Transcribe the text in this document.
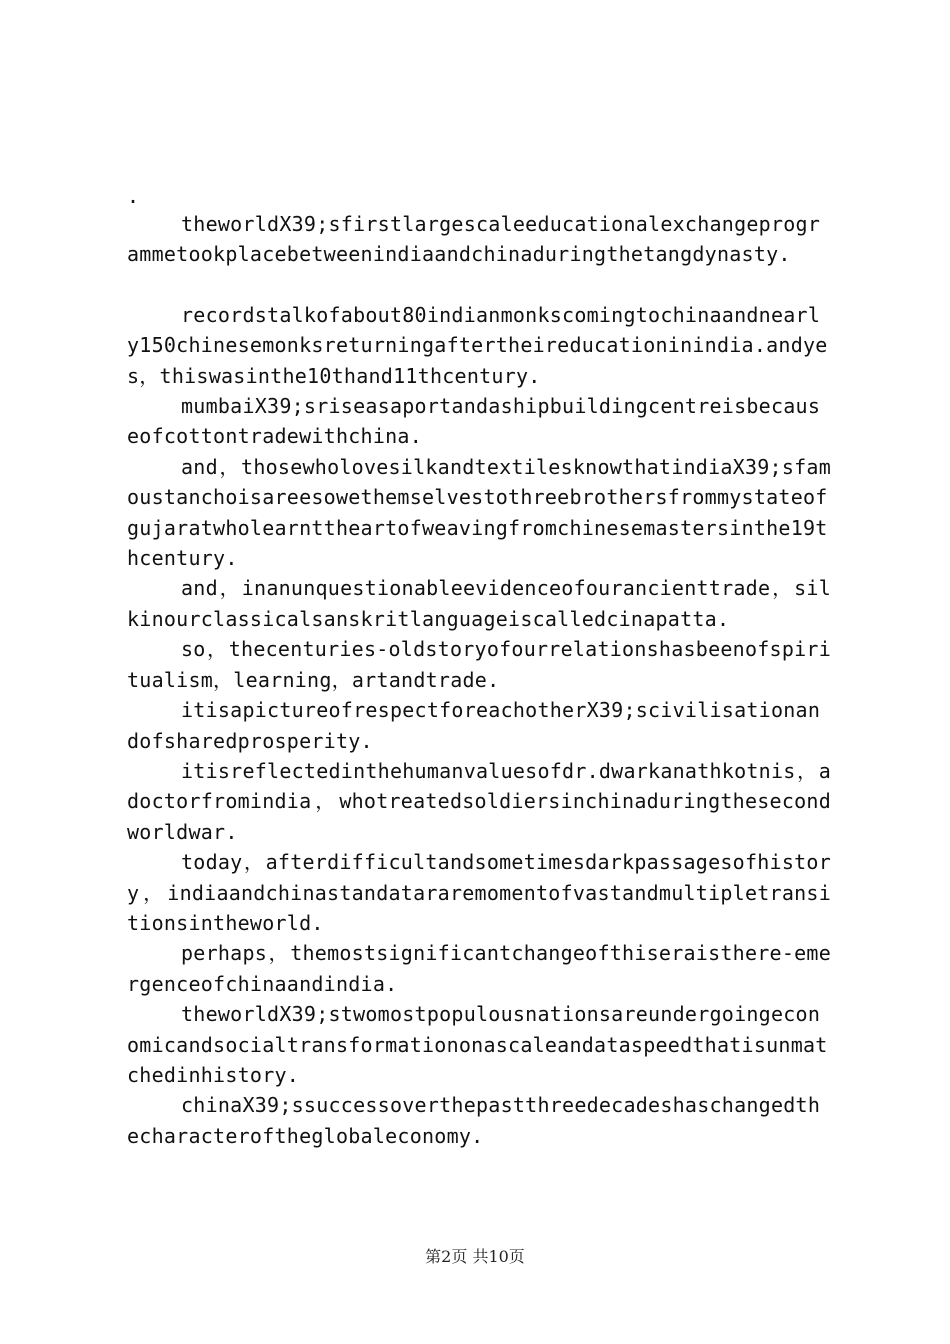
.

theworldX39;sfirstlargescaleeducationalexchangeprogrammetookplacebetweenindiaandchinaduringthetangdynasty.

recordstalkofabout80indianmonkscomingtochinaandnearly150chinesemonksreturningaftertheireducationinindia.andyes，thiswasinthe10thand11thcentury.

mumbaiX39;sriseasaportandashipbuildingcentreisbecauseofcottontradewithchina.

and，thosewholovesilkandtextilesknowthatindiaX39;sfamoustanchoisareesowethemselvestothreebrothersfrommystateofgujaratwholearnttheartofweavingfromchinesemastersinthe19thcentury.

and，inanunquestionableevidenceofourancienttrade，silkinourclassicalsanskritlanguageiscalledcinapatta.

so，thecenturies-oldstoryofourrelationshasbeenofspiritualism，learning，artandtrade.

itisapictureofrespectforeachotherX39;scivilisationandofsharedprosperity.

itisreflectedinthehumanvaluesofdr.dwarkanathkotnis，adoctorfromindia，whotreatedsoldiersinchinaduringthesecondworldwar.

today，afterdifficultandsometimesdarkpassagesofhistory，indiaandchinastandatararemomentofvastandmultipletransitionsintheworld.

perhaps，themostsignificantchangeofthiseraisthere-emergenceofchinaandindia.

theworldX39;stwomostpopulousnationsareundergoingeconomicandsocialtransformationonascaleandataspeedthatisunmatchedinhistory.

chinaX39;ssuccessoverthepastthreedecadeshaschangedthecharacteroftheglobaleconomy.

第2页 共10页
